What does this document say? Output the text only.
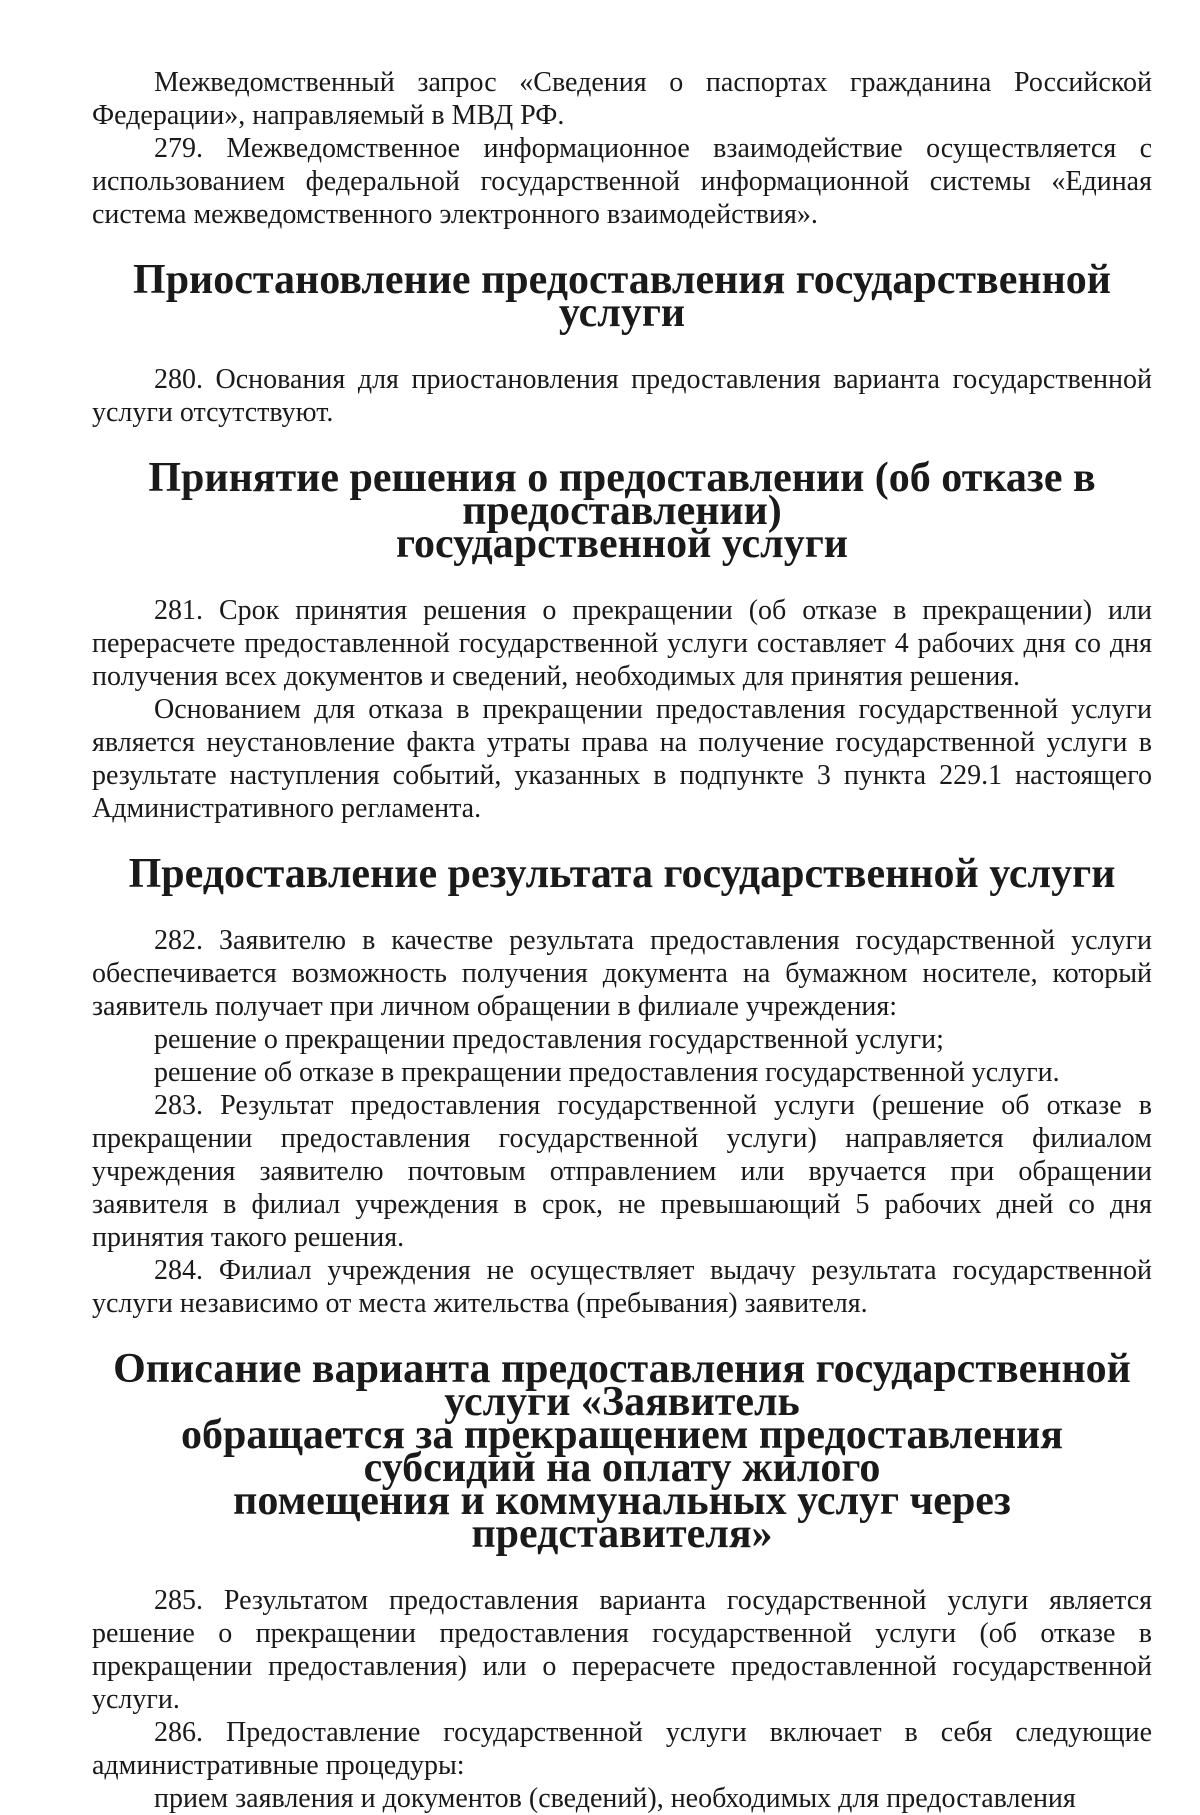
Межведомственный запрос «Сведения о паспортах гражданина Российской Федерации», направляемый в МВД РФ.

279. Межведомственное информационное взаимодействие осуществляется с использованием федеральной государственной информационной системы «Единая система межведомственного электронного взаимодействия».

Приостановление предоставления государственной услуги

280. Основания для приостановления предоставления варианта государственной услуги отсутствуют.

Принятие решения о предоставлении (об отказе в предоставлении)
государственной услуги

281. Срок принятия решения о прекращении (об отказе в прекращении) или перерасчете предоставленной государственной услуги составляет 4 рабочих дня со дня получения всех документов и сведений, необходимых для принятия решения.

Основанием для отказа в прекращении предоставления государственной услуги является неустановление факта утраты права на получение государственной услуги в результате наступления событий, указанных в подпункте 3 пункта 229.1 настоящего Административного регламента.

Предоставление результата государственной услуги

282. Заявителю в качестве результата предоставления государственной услуги обеспечивается возможность получения документа на бумажном носителе, который заявитель получает при личном обращении в филиале учреждения:

решение о прекращении предоставления государственной услуги;

решение об отказе в прекращении предоставления государственной услуги.

283. Результат предоставления государственной услуги (решение об отказе в прекращении предоставления государственной услуги) направляется филиалом учреждения заявителю почтовым отправлением или вручается при обращении заявителя в филиал учреждения в срок, не превышающий 5 рабочих дней со дня принятия такого решения.

284. Филиал учреждения не осуществляет выдачу результата государственной услуги независимо от места жительства (пребывания) заявителя.

Описание варианта предоставления государственной услуги «Заявитель
обращается за прекращением предоставления субсидий на оплату жилого
помещения и коммунальных услуг через представителя»

285. Результатом предоставления варианта государственной услуги является решение о прекращении предоставления государственной услуги (об отказе в прекращении предоставления) или о перерасчете предоставленной государственной услуги.

286. Предоставление государственной услуги включает в себя следующие административные процедуры:

прием заявления и документов (сведений), необходимых для предоставления
